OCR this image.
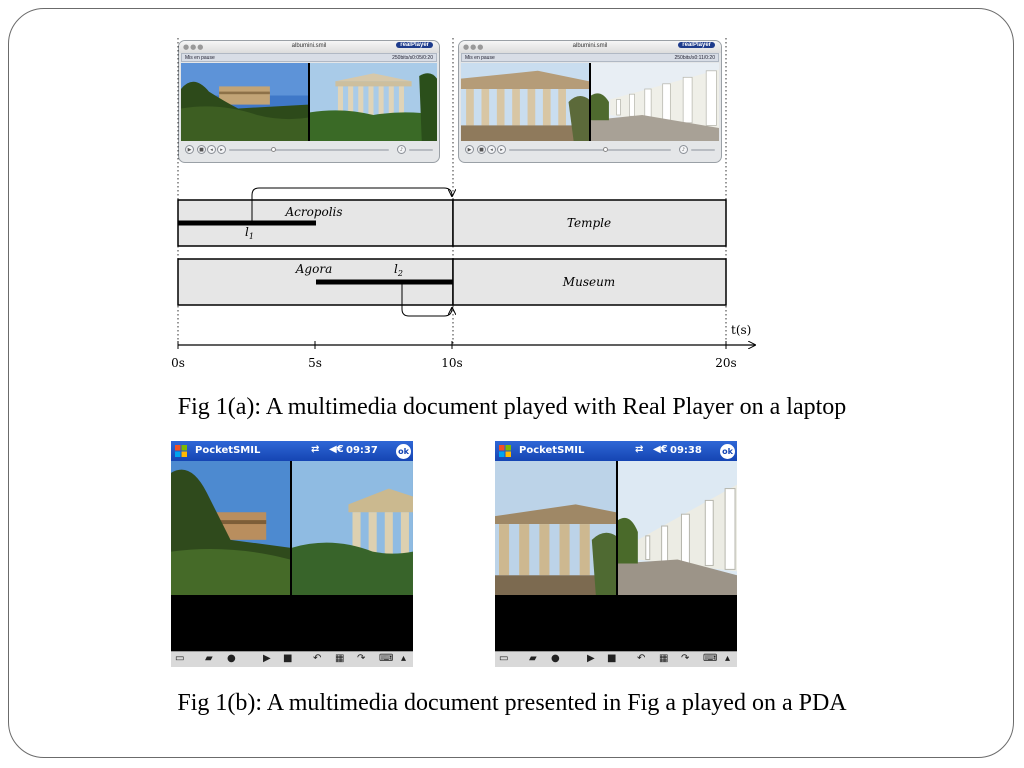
●●●	albumini.smil	realPlayer
Mis en pause	250bits/s0:05/0:20
▶	■	◂	▸	♪
●●●	albumini.smil	realPlayer
Mis en pause	250bits/s0:11/0:20
▶	■	◂	▸	♪
Acropolis
Temple
$l_1$
Agora
Museum
$l_2$
t(s)
0s	5s	10s	20s
Fig 1(a): A multimedia document played with Real Player on a laptop
PocketSMIL	⇄ ◀€ 09:37	ok
▭ ▰ ●	▶ ■ ↶ ▦ ↷ ⌨ ▴
PocketSMIL	⇄ ◀€ 09:38	ok
▭ ▰ ●	▶ ■ ↶ ▦ ↷ ⌨ ▴
Fig 1(b): A multimedia document presented in Fig a played on a PDA
